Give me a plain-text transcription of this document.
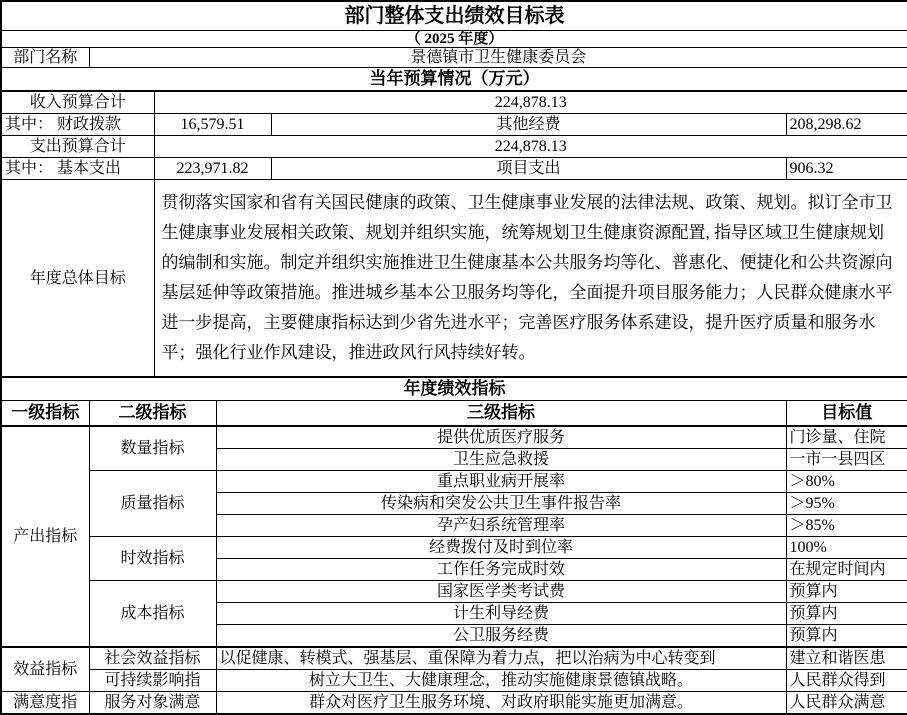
部门整体支出绩效目标表					
（ 2025 年度）					
部门名称	景德镇市卫生健康委员会				
当年预算情况（万元）					
收入预算合计		224,878.13			
其中： 财政拨款		16,579.51		其他经费	208,298.62
支出预算合计		224,878.13			
其中： 基本支出		223,971.82		项目支出	906.32
年度总体目标		贯彻落实国家和省有关国民健康的政策、卫生健康事业发展的法律法规、政策、规划。拟订全市卫生健康事业发展相关政策、规划并组织实施，统筹规划卫生健康资源配置, 指导区域卫生健康规划的编制和实施。制定并组织实施推进卫生健康基本公共服务均等化、普惠化、便捷化和公共资源向基层延伸等政策措施。推进城乡基本公卫服务均等化，全面提升项目服务能力；人民群众健康水平进一步提高，主要健康指标达到少省先进水平；完善医疗服务体系建设，提升医疗质量和服务水平；强化行业作风建设，推进政风行风持续好转。			
年度绩效指标					
一级指标	二级指标		三级指标		目标值
产出指标	数量指标		提供优质医疗服务		门诊量、住院
			卫生应急救援		一市一县四区
	质量指标		重点职业病开展率		＞80%
			传染病和突发公共卫生事件报告率		＞95%
			孕产妇系统管理率		＞85%
	时效指标		经费拨付及时到位率		100%
			工作任务完成时效		在规定时间内
	成本指标		国家医学类考试费		预算内
			计生利导经费		预算内
			公卫服务经费		预算内
效益指标	社会效益指标		以促健康、转模式、强基层、重保障为着力点，把以治病为中心转变到		建立和谐医患
	可持续影响指		树立大卫生、大健康理念，推动实施健康景德镇战略。		人民群众得到
满意度指	服务对象满意		群众对医疗卫生服务环境、对政府职能实施更加满意。		人民群众满意
